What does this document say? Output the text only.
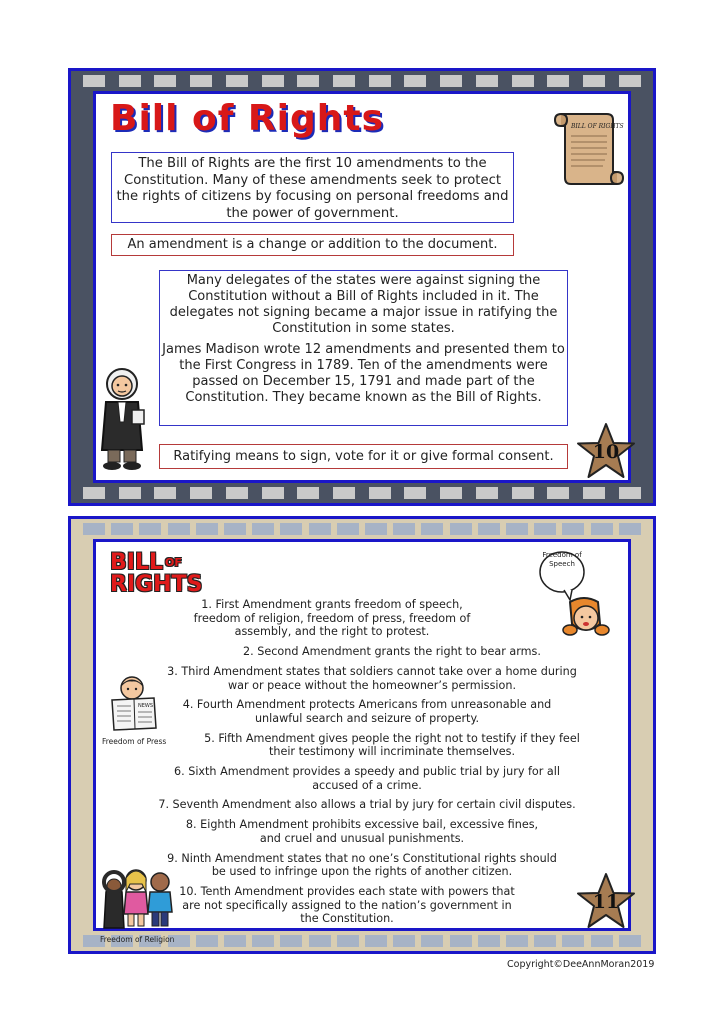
Bill of Rights	BILL OF RIGHTS
The Bill of Rights are the first 10 amendments to the Constitution. Many of these amendments seek to protect the rights of citizens by focusing on personal freedoms and the power of government.
An amendment is a change or addition to the document.

Many delegates of the states were against signing the Constitution without a Bill of Rights included in it. The delegates not signing became a major issue in ratifying the Constitution in some states.

James Madison wrote 12 amendments and presented them to the First Congress in 1789. Ten of the amendments were passed on December 15, 1791 and made part of the Constitution. They became known as the Bill of Rights.

Ratifying means to sign, vote for it or give formal consent.	10
BILL $^{OF}$
RIGHTS
Freedom of Speech
1. First Amendment grants freedom of speech, freedom of religion, freedom of press, freedom of assembly, and the right to protest.
2. Second Amendment grants the right to bear arms.
3. Third Amendment states that soldiers cannot take over a home during war or peace without the homeowner’s permission.
4. Fourth Amendment protects Americans from unreasonable and unlawful search and seizure of property.
5. Fifth Amendment gives people the right not to testify if they feel their testimony will incriminate themselves.
6. Sixth Amendment provides a speedy and public trial by jury for all accused of a crime.
7. Seventh Amendment also allows a trial by jury for certain civil disputes.
8. Eighth Amendment prohibits excessive bail, excessive fines, and cruel and unusual punishments.
9. Ninth Amendment states that no one’s Constitutional rights should be used to infringe upon the rights of another citizen.
10. Tenth Amendment provides each state with powers that are not specifically assigned to the nation’s government in the Constitution.
NEWS
Freedom of Press
Freedom of Religion
11
Copyright©DeeAnnMoran2019
